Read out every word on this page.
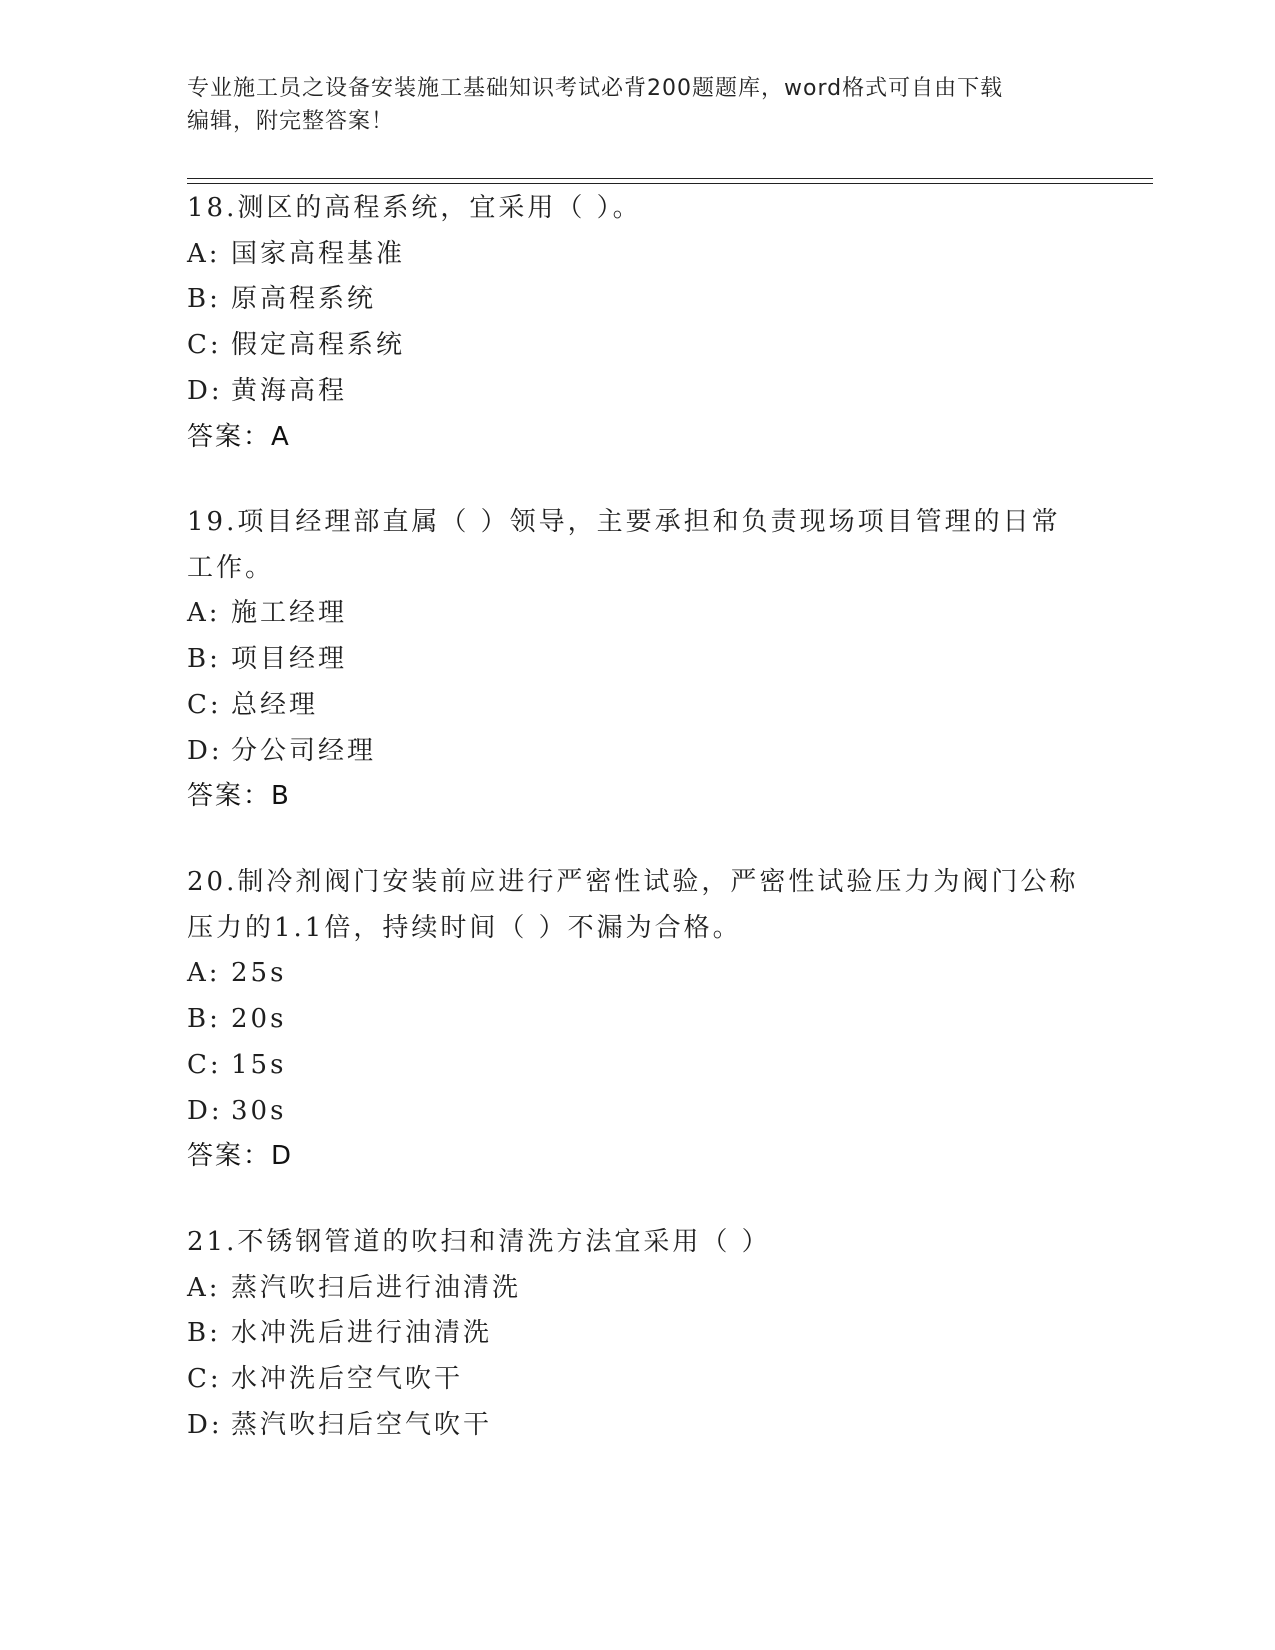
专业施工员之设备安装施工基础知识考试必背200题题库，word格式可自由下载
编辑，附完整答案！
18.测区的高程系统，宜采用（ ）。
A: 国家高程基准
B: 原高程系统
C: 假定高程系统
D: 黄海高程
答案：A
19.项目经理部直属（ ）领导，主要承担和负责现场项目管理的日常
工作。
A: 施工经理
B: 项目经理
C: 总经理
D: 分公司经理
答案：B
20.制冷剂阀门安装前应进行严密性试验，严密性试验压力为阀门公称
压力的1.1倍，持续时间（ ）不漏为合格。
A: 25s
B: 20s
C: 15s
D: 30s
答案：D
21.不锈钢管道的吹扫和清洗方法宜采用（ ）
A: 蒸汽吹扫后进行油清洗
B: 水冲洗后进行油清洗
C: 水冲洗后空气吹干
D: 蒸汽吹扫后空气吹干
